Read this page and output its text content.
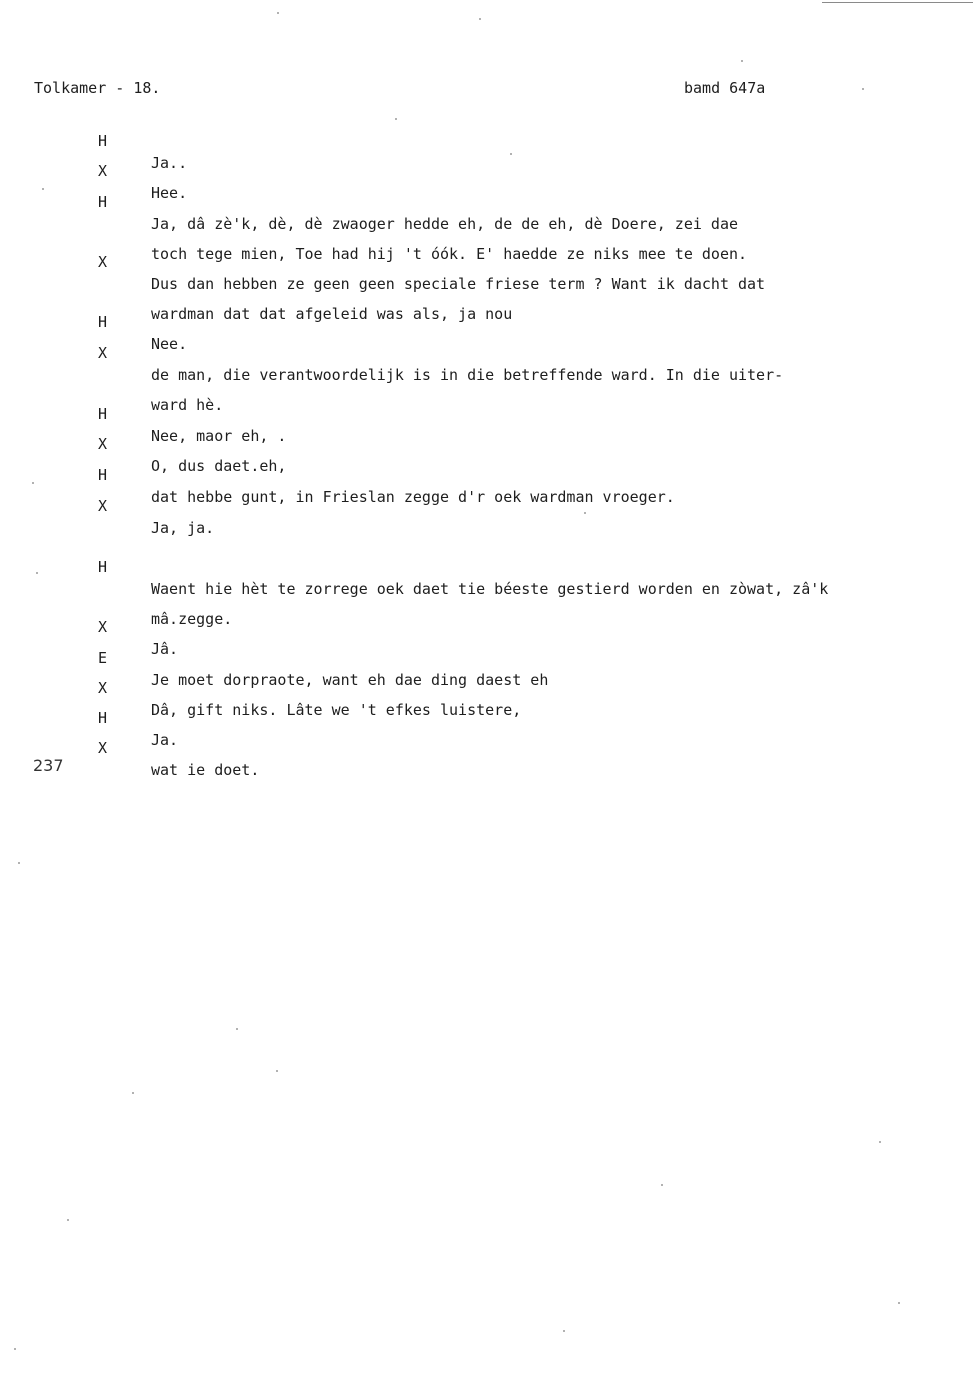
Tolkamer - 18.	bamd 647a

H

Ja..

X

Hee.

H

Ja, dâ zè'k, dè, dè zwaoger hedde eh, de de eh, dè Doere, zei dae

toch tege mien, Toe had hij 't óók. E' haedde ze niks mee te doen.

X

Dus dan hebben ze geen geen speciale friese term ? Want ik dacht dat

wardman dat dat afgeleid was als, ja nou

H

Nee.

X

de man, die verantwoordelijk is in die betreffende ward. In die uiter-

ward hè.

H

Nee, maor eh, .

X

O, dus daet.eh,

H

dat hebbe gunt, in Frieslan zegge d'r oek wardman vroeger.

X

Ja, ja.

H

Waent hie hèt te zorrege oek daet tie béeste gestierd worden en zòwat, zâ'k

mâ.zegge.

X

Jâ.

E

Je moet dorpraote, want eh dae ding daest eh

X

Dâ, gift niks. Lâte we 't efkes luistere,

H

Ja.

X

wat ie doet.

237
